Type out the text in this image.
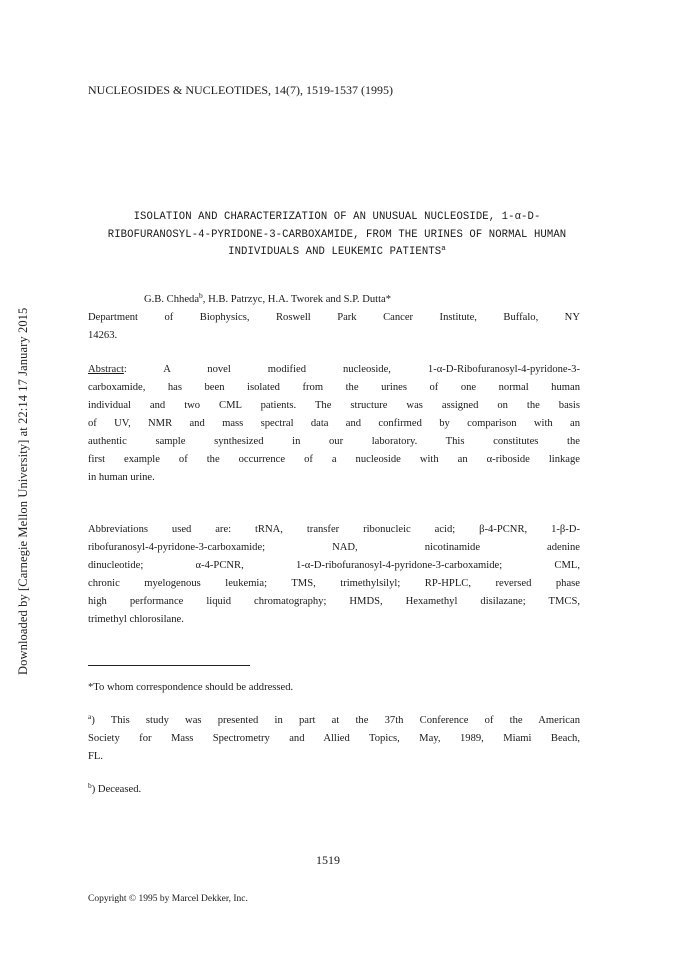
Downloaded by [Carnegie Mellon University] at 22:14 17 January 2015
NUCLEOSIDES & NUCLEOTIDES, 14(7), 1519-1537 (1995)
ISOLATION AND CHARACTERIZATION OF AN UNUSUAL NUCLEOSIDE, 1-α-D-
RIBOFURANOSYL-4-PYRIDONE-3-CARBOXAMIDE, FROM THE URINES OF NORMAL HUMAN
INDIVIDUALS AND LEUKEMIC PATIENTS$^a$
G.B. Chheda$^b$, H.B. Patrzyc, H.A. Tworek and S.P. Dutta*
Department of Biophysics, Roswell Park Cancer Institute, Buffalo, NY
14263.
Abstract: A novel modified nucleoside, 1-α-D-Ribofuranosyl-4-pyridone-3-
carboxamide, has been isolated from the urines of one normal human
individual and two CML patients. The structure was assigned on the basis
of UV, NMR and mass spectral data and confirmed by comparison with an
authentic sample synthesized in our laboratory. This constitutes the
first example of the occurrence of a nucleoside with an α-riboside linkage
in human urine.
Abbreviations used are: tRNA, transfer ribonucleic acid; β-4-PCNR, 1-β-D-
ribofuranosyl-4-pyridone-3-carboxamide; NAD, nicotinamide adenine
dinucleotide; α-4-PCNR, 1-α-D-ribofuranosyl-4-pyridone-3-carboxamide; CML,
chronic myelogenous leukemia; TMS, trimethylsilyl; RP-HPLC, reversed phase
high performance liquid chromatography; HMDS, Hexamethyl disilazane; TMCS,
trimethyl chlorosilane.
*To whom correspondence should be addressed.
$^a$) This study was presented in part at the 37th Conference of the American
Society for Mass Spectrometry and Allied Topics, May, 1989, Miami Beach,
FL.
$^b$) Deceased.
1519
Copyright © 1995 by Marcel Dekker, Inc.
